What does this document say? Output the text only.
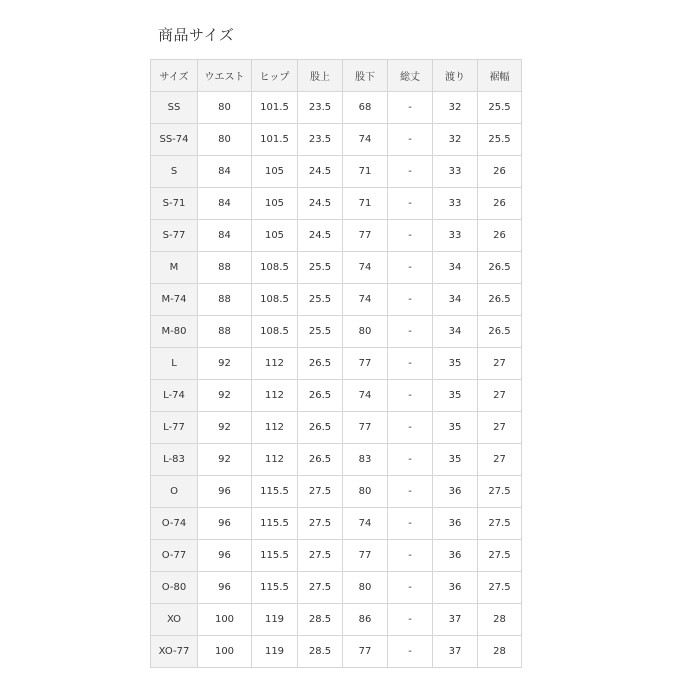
商品サイズ
サイズ	ウエスト	ヒップ	股上	股下	総丈	渡り	裾幅
SS	80	101.5	23.5	68	-	32	25.5
SS-74	80	101.5	23.5	74	-	32	25.5
S	84	105	24.5	71	-	33	26
S-71	84	105	24.5	71	-	33	26
S-77	84	105	24.5	77	-	33	26
M	88	108.5	25.5	74	-	34	26.5
M-74	88	108.5	25.5	74	-	34	26.5
M-80	88	108.5	25.5	80	-	34	26.5
L	92	112	26.5	77	-	35	27
L-74	92	112	26.5	74	-	35	27
L-77	92	112	26.5	77	-	35	27
L-83	92	112	26.5	83	-	35	27
O	96	115.5	27.5	80	-	36	27.5
O-74	96	115.5	27.5	74	-	36	27.5
O-77	96	115.5	27.5	77	-	36	27.5
O-80	96	115.5	27.5	80	-	36	27.5
XO	100	119	28.5	86	-	37	28
XO-77	100	119	28.5	77	-	37	28
